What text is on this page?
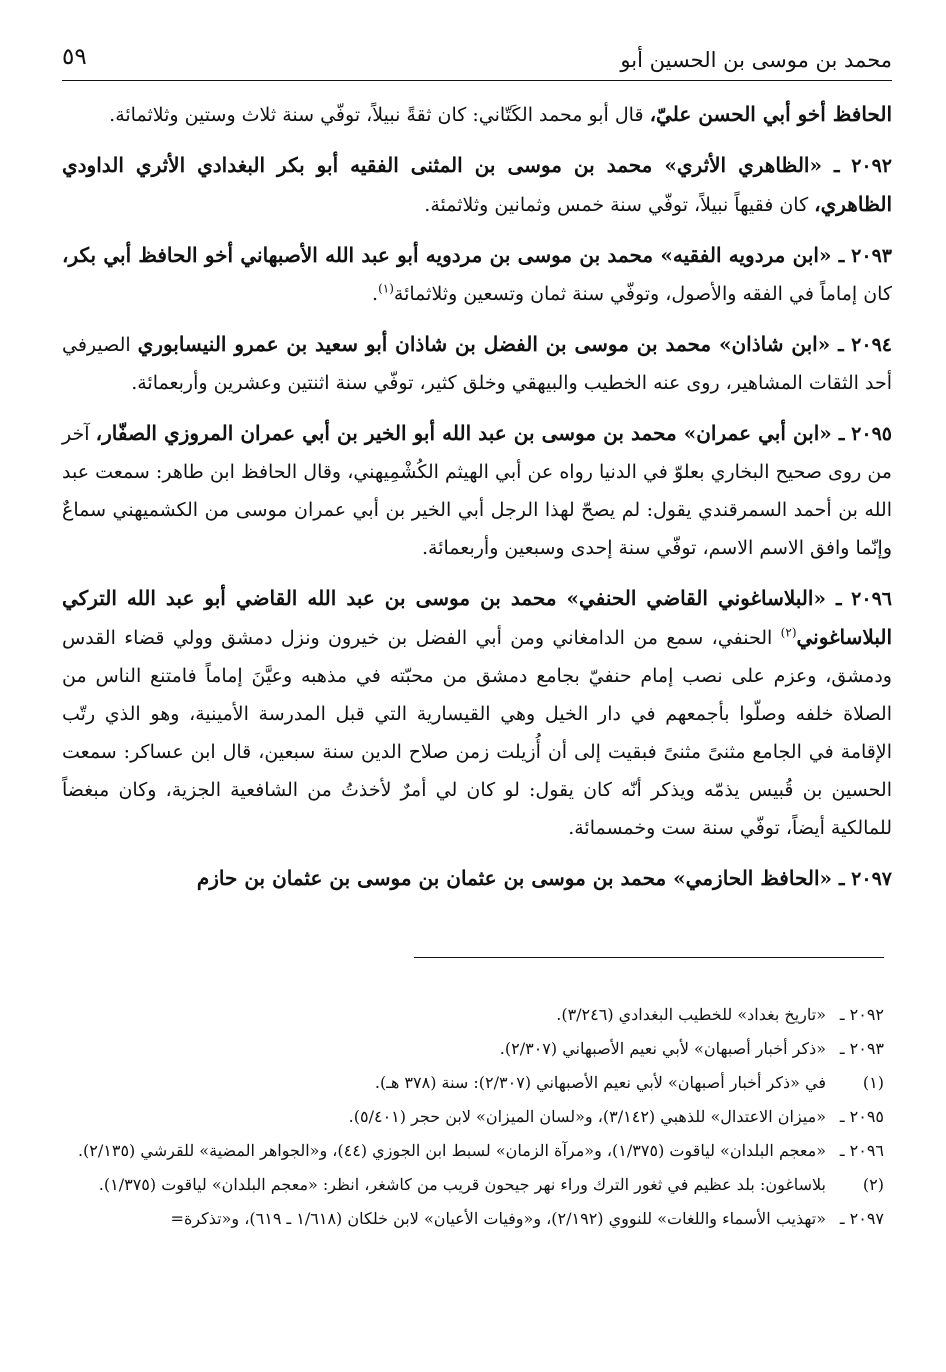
محمد بن موسى بن الحسين أبو
٥٩

الحافظ أخو أبي الحسن عليّ، قال أبو محمد الكَتّاني: كان ثقةً نبيلاً، توفّي سنة ثلاث وستين وثلاثمائة.

٢٠٩٢ ـ «الظاهري الأثري» محمد بن موسى بن المثنى الفقيه أبو بكر البغدادي الأثري الداودي الظاهري، كان فقيهاً نبيلاً، توفّي سنة خمس وثمانين وثلاثمئة.

٢٠٩٣ ـ «ابن مردويه الفقيه» محمد بن موسى بن مردويه أبو عبد الله الأصبهاني أخو الحافظ أبي بكر، كان إماماً في الفقه والأصول، وتوفّي سنة ثمان وتسعين وثلاثمائة$^{(١)}$.

٢٠٩٤ ـ «ابن شاذان» محمد بن موسى بن الفضل بن شاذان أبو سعيد بن عمرو النيسابوري الصيرفي أحد الثقات المشاهير، روى عنه الخطيب والبيهقي وخلق كثير، توفّي سنة اثنتين وعشرين وأربعمائة.

٢٠٩٥ ـ «ابن أبي عمران» محمد بن موسى بن عبد الله أبو الخير بن أبي عمران المروزي الصفّار، آخر من روى صحيح البخاري بعلوّ في الدنيا رواه عن أبي الهيثم الكُشْمِيهني، وقال الحافظ ابن طاهر: سمعت عبد الله بن أحمد السمرقندي يقول: لم يصحّ لهذا الرجل أبي الخير بن أبي عمران موسى من الكشميهني سماعٌ وإنّما وافق الاسم الاسم، توفّي سنة إحدى وسبعين وأربعمائة.

٢٠٩٦ ـ «البلاساغوني القاضي الحنفي» محمد بن موسى بن عبد الله القاضي أبو عبد الله التركي البلاساغوني$^{(٢)}$ الحنفي، سمع من الدامغاني ومن أبي الفضل بن خيرون ونزل دمشق وولي قضاء القدس ودمشق، وعزم على نصب إمام حنفيّ بجامع دمشق من محبّته في مذهبه وعيَّنَ إماماً فامتنع الناس من الصلاة خلفه وصلّوا بأجمعهم في دار الخيل وهي القيسارية التي قبل المدرسة الأمينية، وهو الذي رتّب الإقامة في الجامع مثنىً مثنىً فبقيت إلى أن أُزيلت زمن صلاح الدين سنة سبعين، قال ابن عساكر: سمعت الحسين بن قُبيس يذمّه ويذكر أنّه كان يقول: لو كان لي أمرٌ لأخذتُ من الشافعية الجزية، وكان مبغضاً للمالكية أيضاً، توفّي سنة ست وخمسمائة.

٢٠٩٧ ـ «الحافظ الحازمي» محمد بن موسى بن عثمان بن موسى بن عثمان بن حازم

٢٠٩٢ ـ
«تاريخ بغداد» للخطيب البغدادي (٣/٢٤٦).
٢٠٩٣ ـ
«ذكر أخبار أصبهان» لأبي نعيم الأصبهاني (٢/٣٠٧).
(١)
في «ذكر أخبار أصبهان» لأبي نعيم الأصبهاني (٢/٣٠٧): سنة (٣٧٨ هـ).
٢٠٩٥ ـ
«ميزان الاعتدال» للذهبي (٣/١٤٢)، و«لسان الميزان» لابن حجر (٥/٤٠١).
٢٠٩٦ ـ
«معجم البلدان» لياقوت (١/٣٧٥)، و«مرآة الزمان» لسبط ابن الجوزي (٤٤)، و«الجواهر المضية» للقرشي (٢/١٣٥).
(٢)
بلاساغون: بلد عظيم في ثغور الترك وراء نهر جيحون قريب من كاشغر، انظر: «معجم البلدان» لياقوت (١/٣٧٥).
٢٠٩٧ ـ
«تهذيب الأسماء واللغات» للنووي (٢/١٩٢)، و«وفيات الأعيان» لابن خلكان (١/٦١٨ ـ ٦١٩)، و«تذكرة=
